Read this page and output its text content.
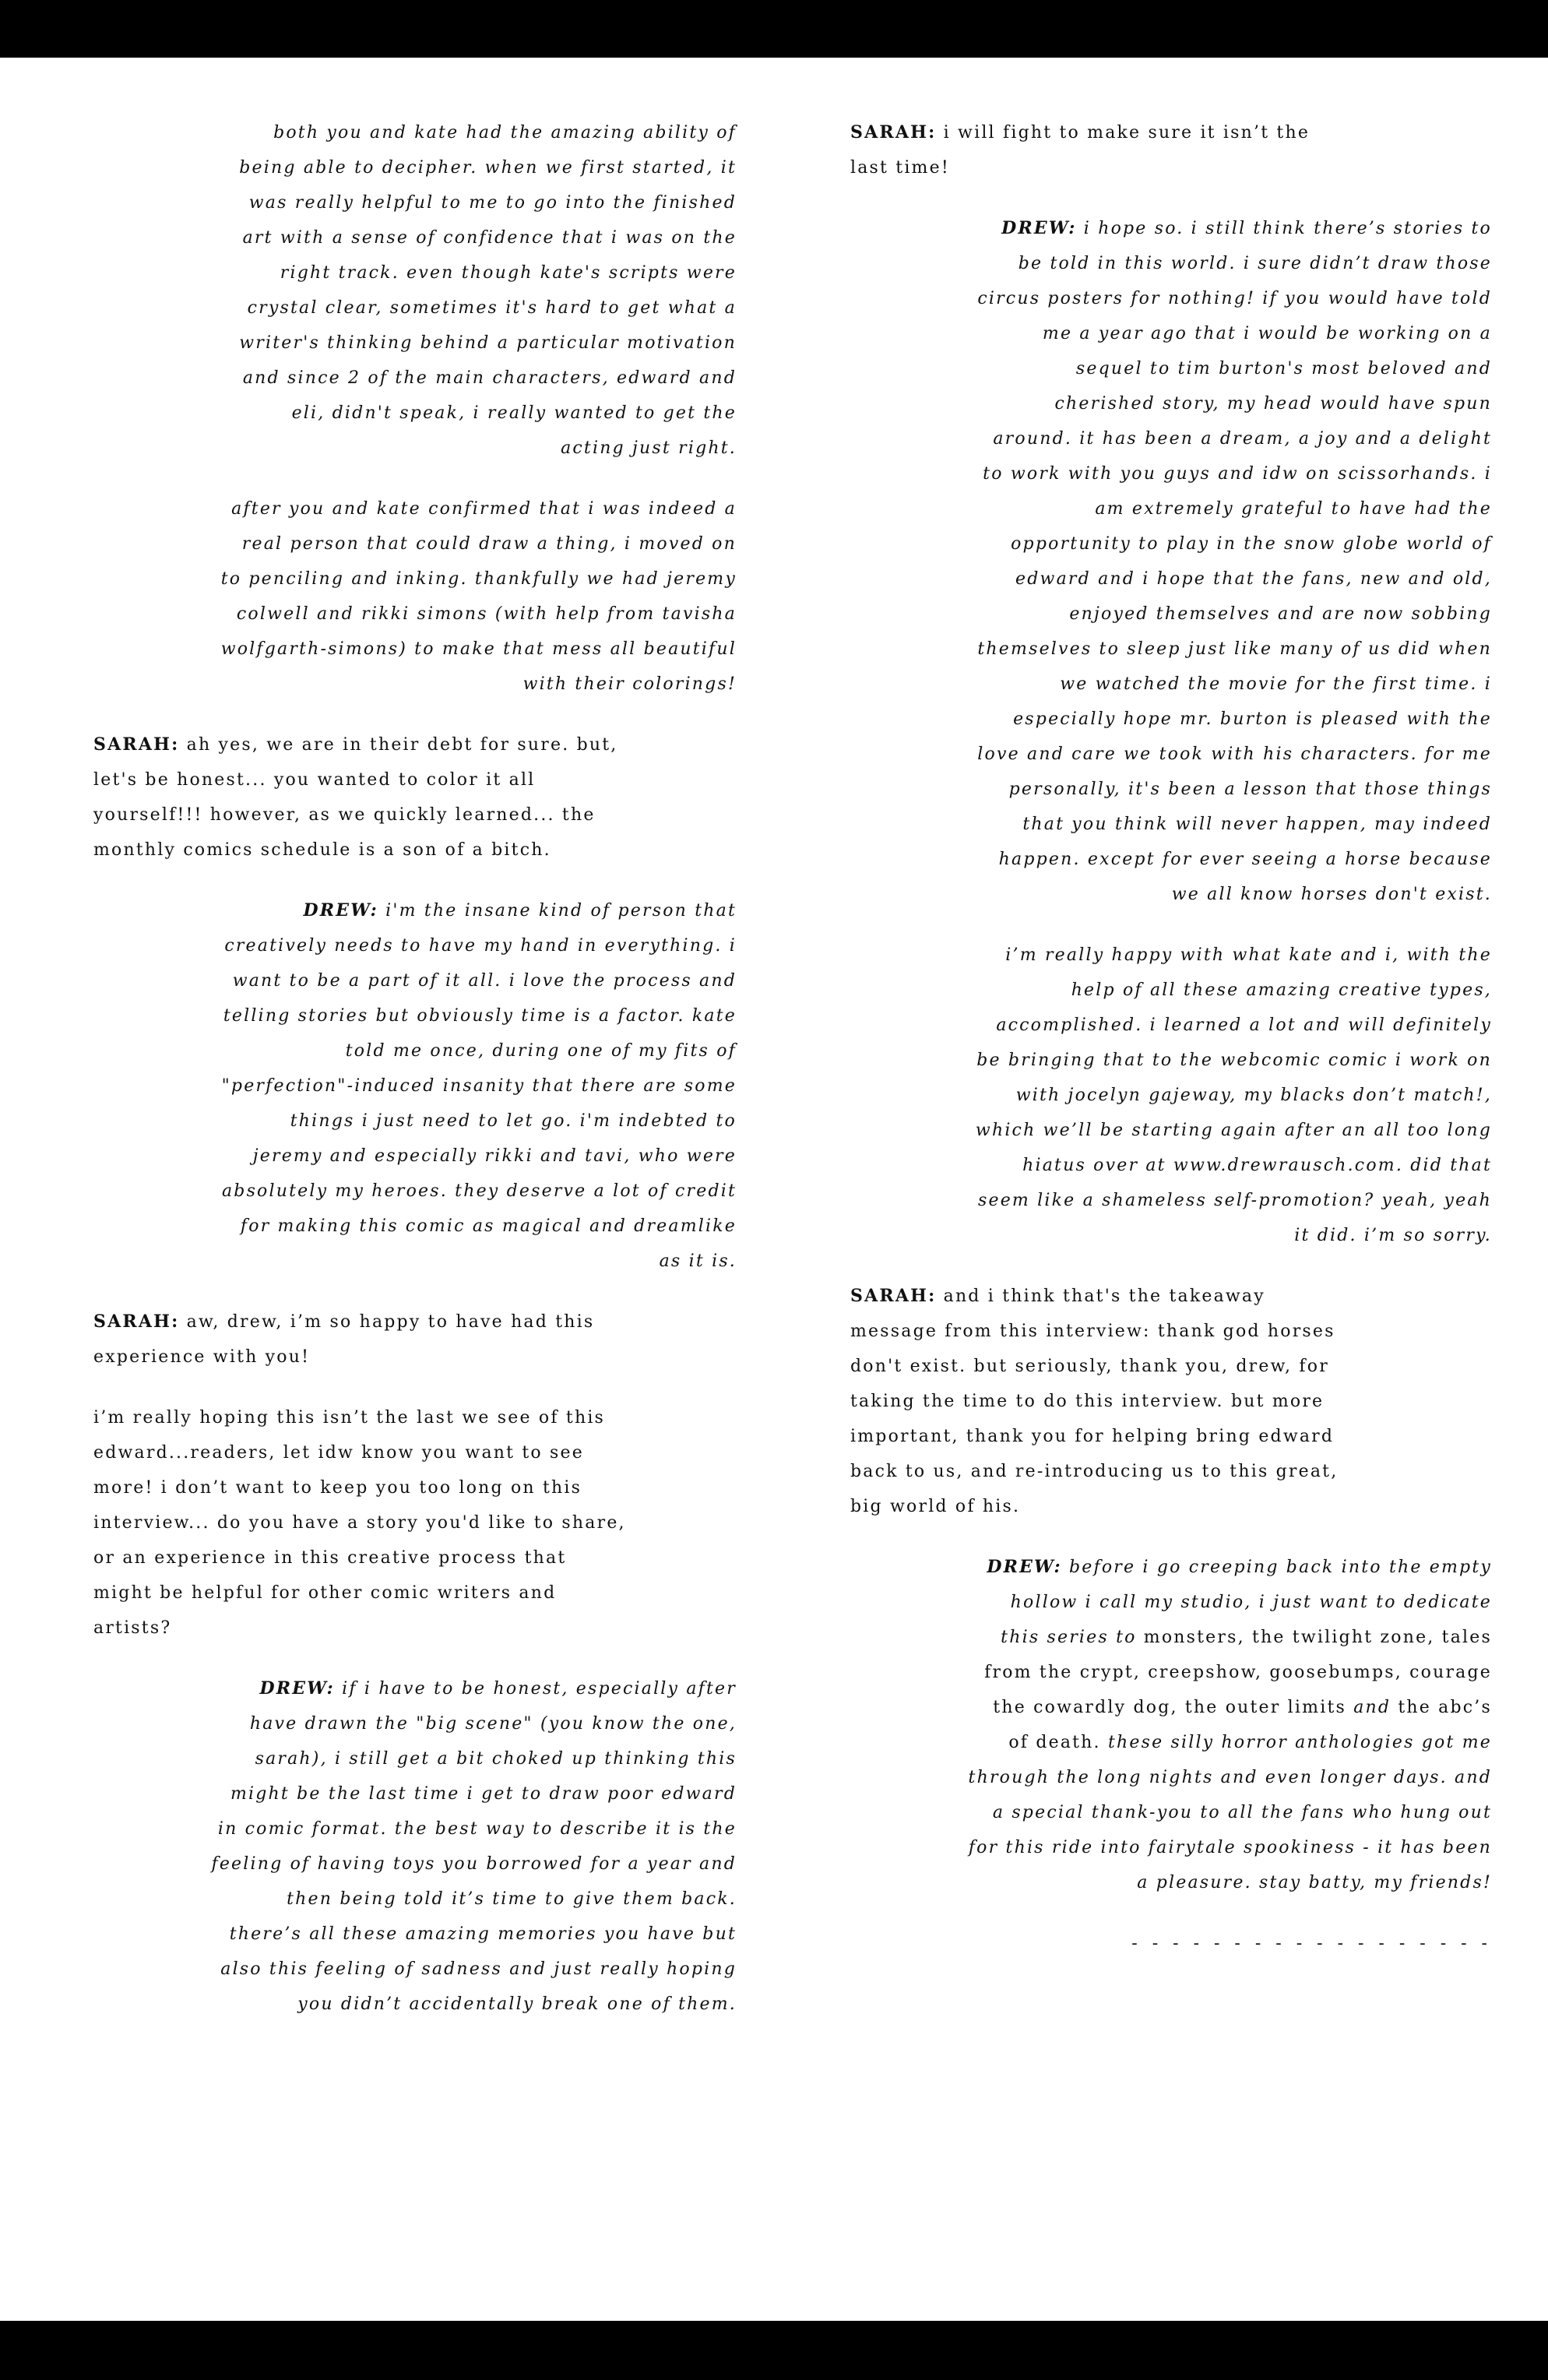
both you and kate had the amazing ability of being able to decipher. when we first started, it was really helpful to me to go into the finished art with a sense of confidence that i was on the right track. even though kate's scripts were crystal clear, sometimes it's hard to get what a writer's thinking behind a particular motivation and since 2 of the main characters, edward and eli, didn't speak, i really wanted to get the acting just right.

after you and kate confirmed that i was indeed a real person that could draw a thing, i moved on to penciling and inking. thankfully we had jeremy colwell and rikki simons (with help from tavisha wolfgarth-simons) to make that mess all beautiful with their colorings!

SARAH: ah yes, we are in their debt for sure. but, let's be honest... you wanted to color it all yourself!!! however, as we quickly learned... the monthly comics schedule is a son of a bitch.

DREW: i'm the insane kind of person that creatively needs to have my hand in everything. i want to be a part of it all. i love the process and telling stories but obviously time is a factor. kate told me once, during one of my fits of "perfection"-induced insanity that there are some things i just need to let go. i'm indebted to jeremy and especially rikki and tavi, who were absolutely my heroes. they deserve a lot of credit for making this comic as magical and dreamlike as it is.

SARAH: aw, drew, i’m so happy to have had this experience with you!

i’m really hoping this isn’t the last we see of this edward...readers, let idw know you want to see more! i don’t want to keep you too long on this interview... do you have a story you'd like to share, or an experience in this creative process that might be helpful for other comic writers and artists?

DREW: if i have to be honest, especially after have drawn the "big scene" (you know the one, sarah), i still get a bit choked up thinking this might be the last time i get to draw poor edward in comic format. the best way to describe it is the feeling of having toys you borrowed for a year and then being told it’s time to give them back. there’s all these amazing memories you have but also this feeling of sadness and just really hoping you didn’t accidentally break one of them.

SARAH: i will fight to make sure it isn’t the last time!

DREW: i hope so. i still think there’s stories to be told in this world. i sure didn’t draw those circus posters for nothing! if you would have told me a year ago that i would be working on a sequel to tim burton's most beloved and cherished story, my head would have spun around. it has been a dream, a joy and a delight to work with you guys and idw on scissorhands. i am extremely grateful to have had the opportunity to play in the snow globe world of edward and i hope that the fans, new and old, enjoyed themselves and are now sobbing themselves to sleep just like many of us did when we watched the movie for the first time. i especially hope mr. burton is pleased with the love and care we took with his characters. for me personally, it's been a lesson that those things that you think will never happen, may indeed happen. except for ever seeing a horse because we all know horses don't exist.

i’m really happy with what kate and i, with the help of all these amazing creative types, accomplished. i learned a lot and will definitely be bringing that to the webcomic comic i work on with jocelyn gajeway, my blacks don’t match!, which we’ll be starting again after an all too long hiatus over at www.drewrausch.com. did that seem like a shameless self-promotion? yeah, yeah it did. i’m so sorry.

SARAH: and i think that's the takeaway message from this interview: thank god horses don't exist. but seriously, thank you, drew, for taking the time to do this interview. but more important, thank you for helping bring edward back to us, and re-introducing us to this great, big world of his.

DREW: before i go creeping back into the empty hollow i call my studio, i just want to dedicate this series to monsters, the twilight zone, tales from the crypt, creepshow, goosebumps, courage the cowardly dog, the outer limits and the abc’s of death. these silly horror anthologies got me through the long nights and even longer days. and a special thank-you to all the fans who hung out for this ride into fairytale spookiness - it has been a pleasure. stay batty, my friends!

- - - - - - - - - - - - - - - - - -
